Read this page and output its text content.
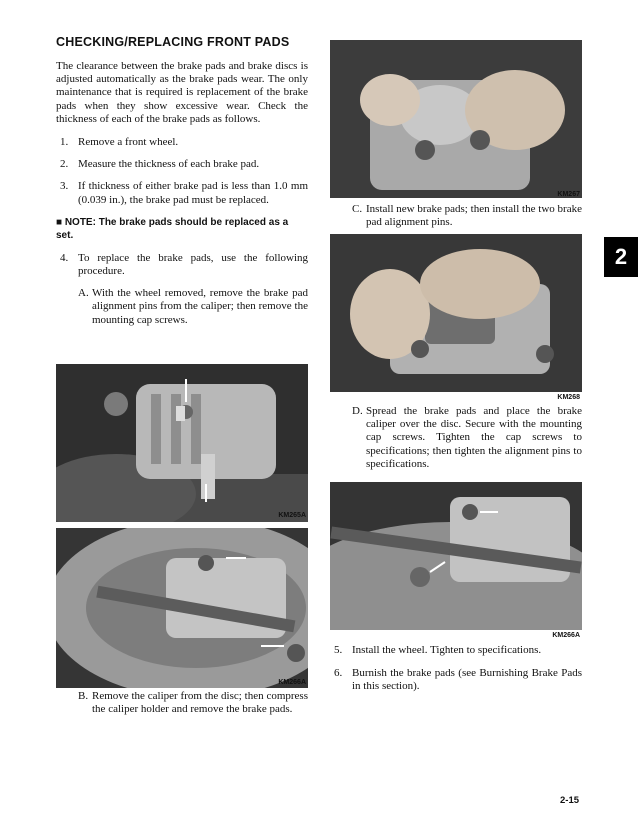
CHECKING/REPLACING FRONT PADS

The clearance between the brake pads and brake discs is adjusted automatically as the brake pads wear. The only maintenance that is required is replacement of the brake pads when they show excessive wear. Check the thickness of each of the brake pads as follows.

1. Remove a front wheel.
2. Measure the thickness of each brake pad.
3. If thickness of either brake pad is less than 1.0 mm (0.039 in.), the brake pad must be replaced.
■ NOTE: The brake pads should be replaced as a set.
4. To replace the brake pads, use the following procedure.
A. With the wheel removed, remove the brake pad alignment pins from the caliper; then remove the mounting cap screws.
KM265A
KM266A
B. Remove the caliper from the disc; then compress the caliper holder and remove the brake pads.
KM267
C. Install new brake pads; then install the two brake pad alignment pins.
KM268
D. Spread the brake pads and place the brake caliper over the disc. Secure with the mounting cap screws. Tighten the cap screws to specifications; then tighten the alignment pins to specifications.
KM266A
5. Install the wheel. Tighten to specifications.
6. Burnish the brake pads (see Burnishing Brake Pads in this section).
2
2-15
